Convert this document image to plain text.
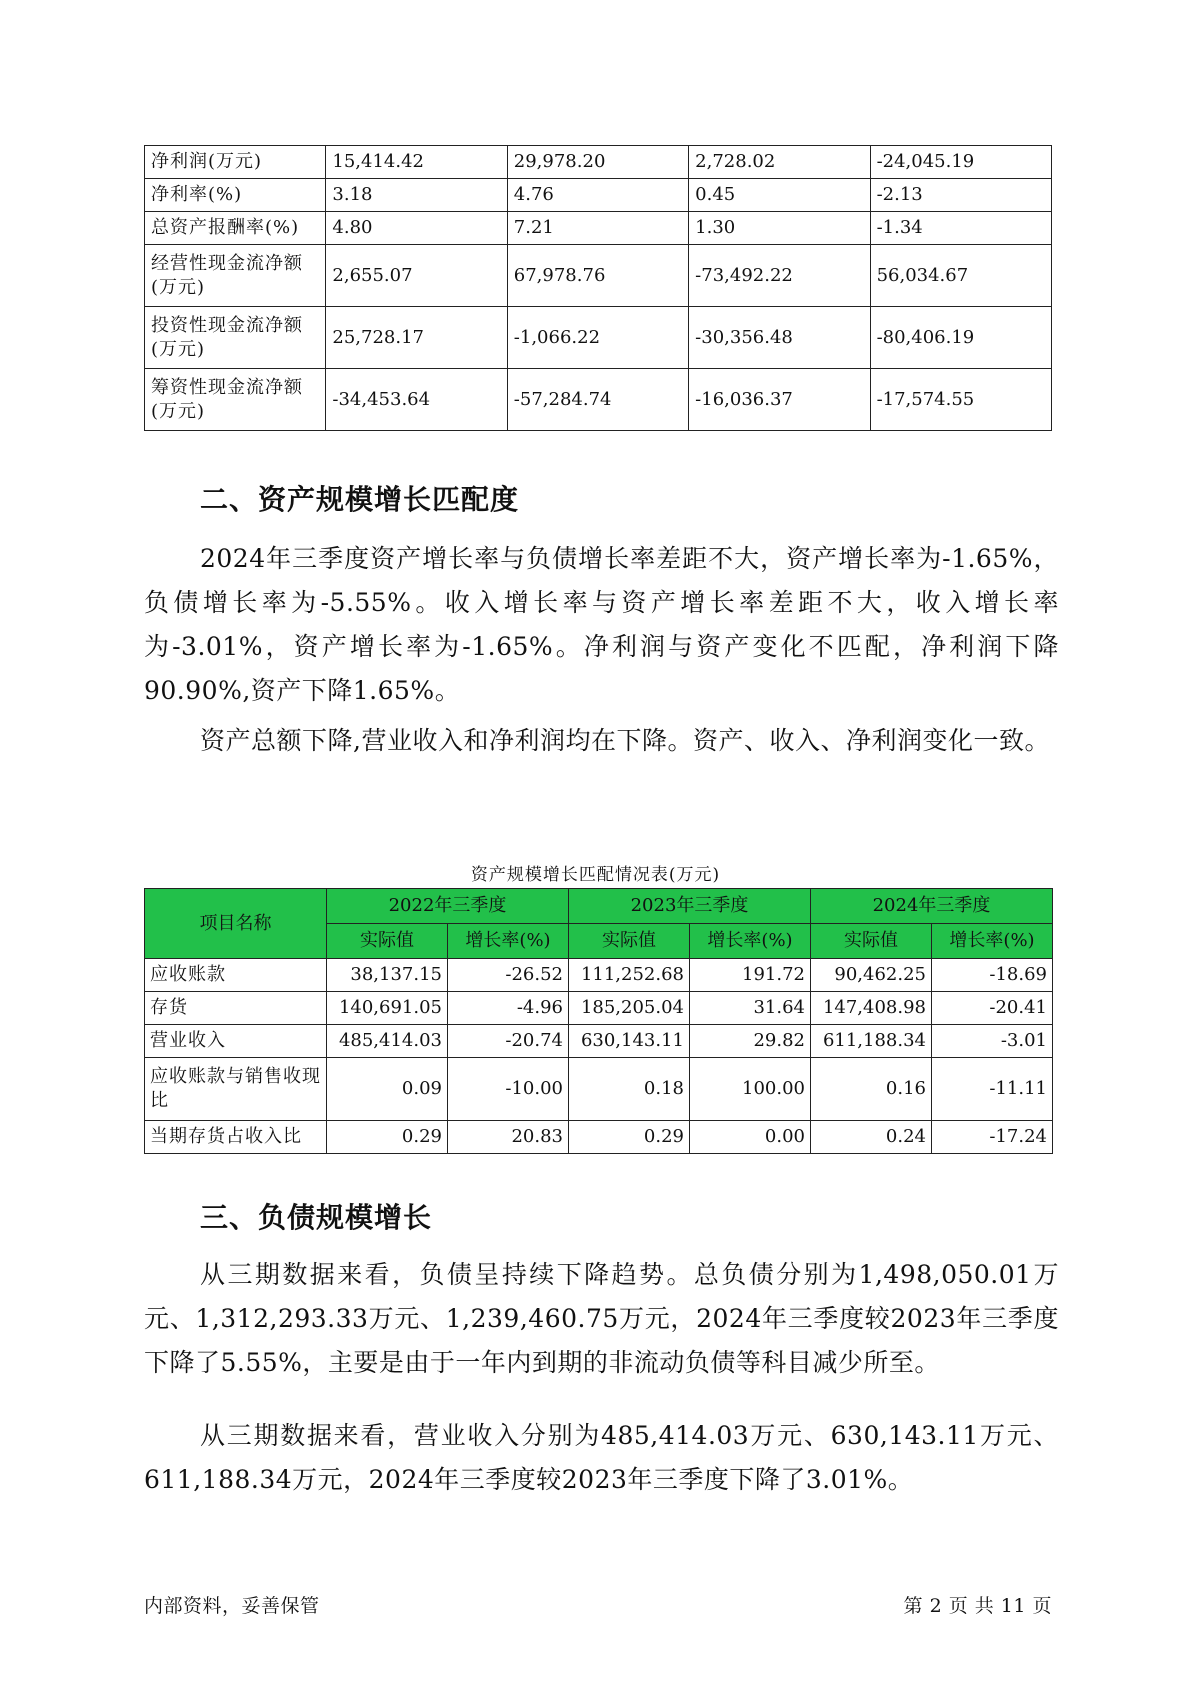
净利润(万元)	15,414.42	29,978.20	2,728.02	-24,045.19
净利率(%)	3.18	4.76	0.45	-2.13
总资产报酬率(%)	4.80	7.21	1.30	-1.34
经营性现金流净额(万元)	2,655.07	67,978.76	-73,492.22	56,034.67
投资性现金流净额(万元)	25,728.17	-1,066.22	-30,356.48	-80,406.19
筹资性现金流净额(万元)	-34,453.64	-57,284.74	-16,036.37	-17,574.55
二、资产规模增长匹配度

2024年三季度资产增长率与负债增长率差距不大，资产增长率为-1.65%，负债增长率为-5.55%。收入增长率与资产增长率差距不大，收入增长率为-3.01%，资产增长率为-1.65%。净利润与资产变化不匹配，净利润下降90.90%,资产下降1.65%。

资产总额下降,营业收入和净利润均在下降。资产、收入、净利润变化一致。

资产规模增长匹配情况表(万元)
项目名称	2022年三季度		2023年三季度		2024年三季度	
	实际值	增长率(%)	实际值	增长率(%)	实际值	增长率(%)
应收账款	38,137.15	-26.52	111,252.68	191.72	90,462.25	-18.69
存货	140,691.05	-4.96	185,205.04	31.64	147,408.98	-20.41
营业收入	485,414.03	-20.74	630,143.11	29.82	611,188.34	-3.01
应收账款与销售收现比	0.09	-10.00	0.18	100.00	0.16	-11.11
当期存货占收入比	0.29	20.83	0.29	0.00	0.24	-17.24
三、负债规模增长

从三期数据来看，负债呈持续下降趋势。总负债分别为1,498,050.01万元、1,312,293.33万元、1,239,460.75万元，2024年三季度较2023年三季度下降了5.55%，主要是由于一年内到期的非流动负债等科目减少所至。

从三期数据来看，营业收入分别为485,414.03万元、630,143.11万元、611,188.34万元，2024年三季度较2023年三季度下降了3.01%。

内部资料，妥善保管	第 2 页 共 11 页
